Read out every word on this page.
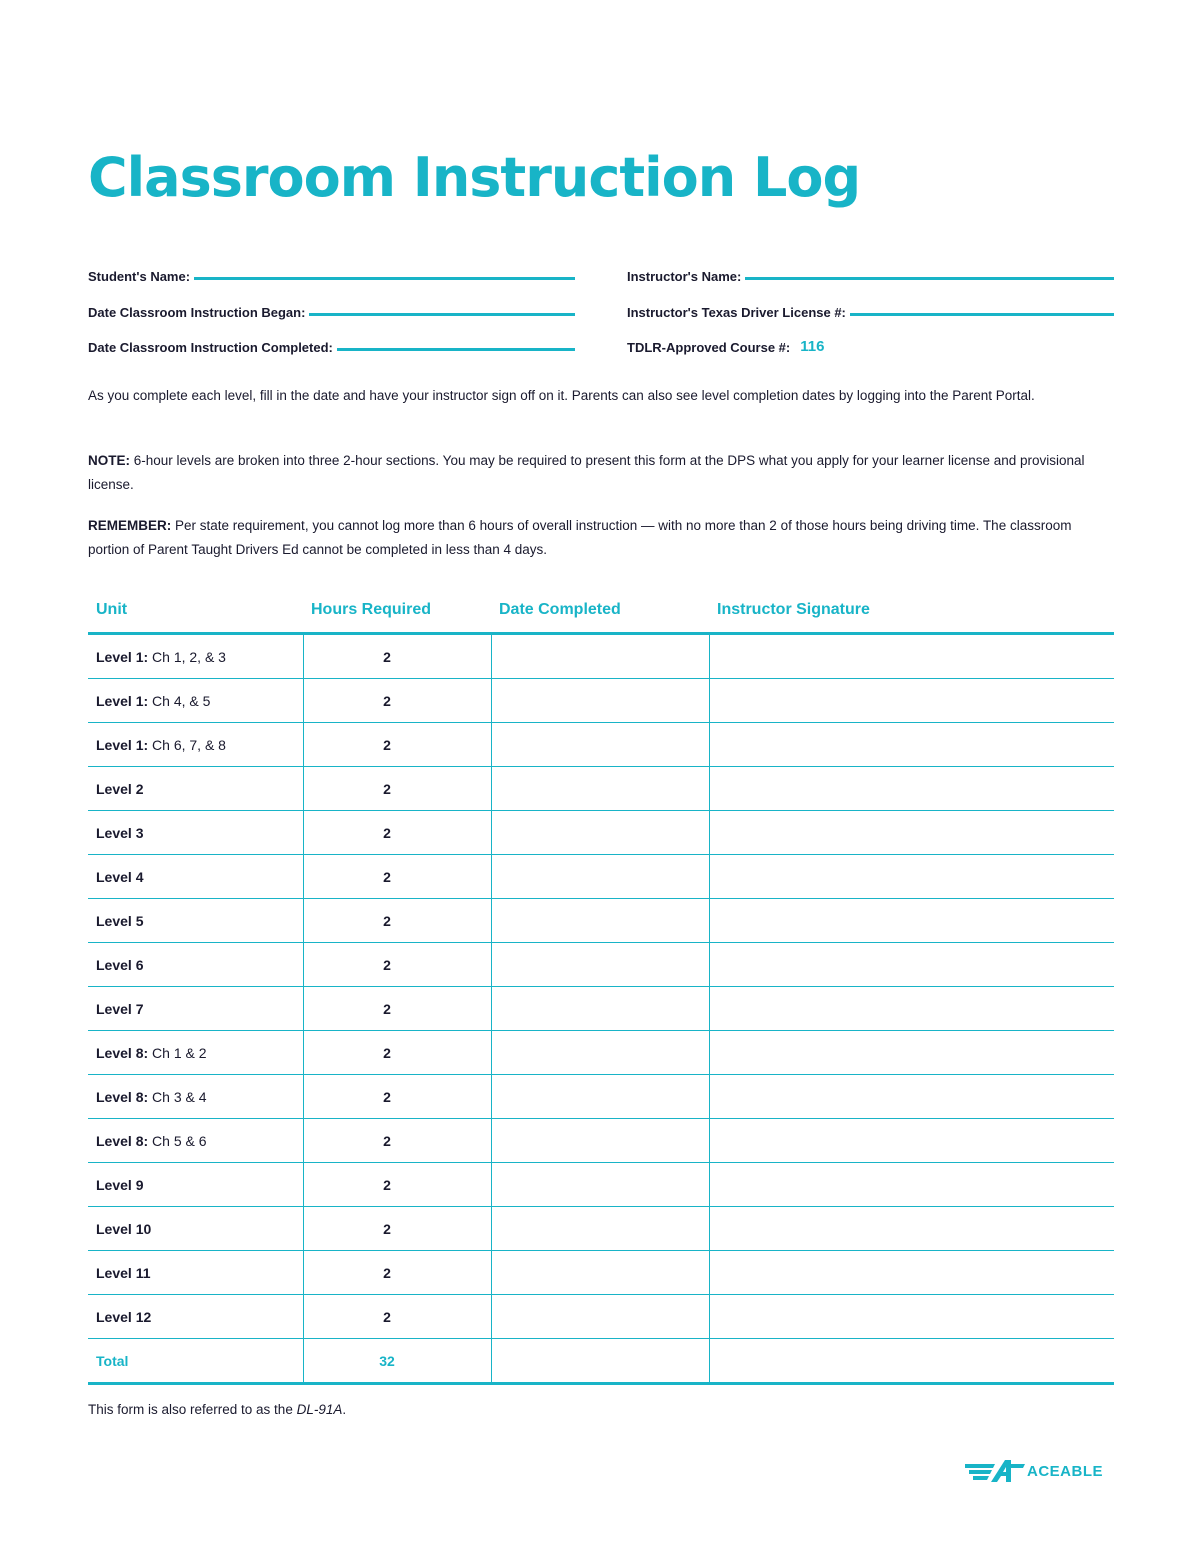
Classroom Instruction Log
Student's Name:	Instructor's Name:
Date Classroom Instruction Began:	Instructor's Texas Driver License #:
Date Classroom Instruction Completed:	TDLR-Approved Course #: 116

As you complete each level, fill in the date and have your instructor sign off on it. Parents can also see level completion dates by logging into the Parent Portal.

NOTE: 6-hour levels are broken into three 2-hour sections. You may be required to present this form at the DPS what you apply for your learner license and provisional license.

REMEMBER: Per state requirement, you cannot log more than 6 hours of overall instruction — with no more than 2 of those hours being driving time. The classroom portion of Parent Taught Drivers Ed cannot be completed in less than 4 days.

Unit	Hours Required	Date Completed	Instructor Signature
Level 1: Ch 1, 2, & 3	2		
Level 1: Ch 4, & 5	2		
Level 1: Ch 6, 7, & 8	2		
Level 2	2		
Level 3	2		
Level 4	2		
Level 5	2		
Level 6	2		
Level 7	2		
Level 8: Ch 1 & 2	2		
Level 8: Ch 3 & 4	2		
Level 8: Ch 5 & 6	2		
Level 9	2		
Level 10	2		
Level 11	2		
Level 12	2		
Total	32		

This form is also referred to as the DL-91A.

ACEABLE
